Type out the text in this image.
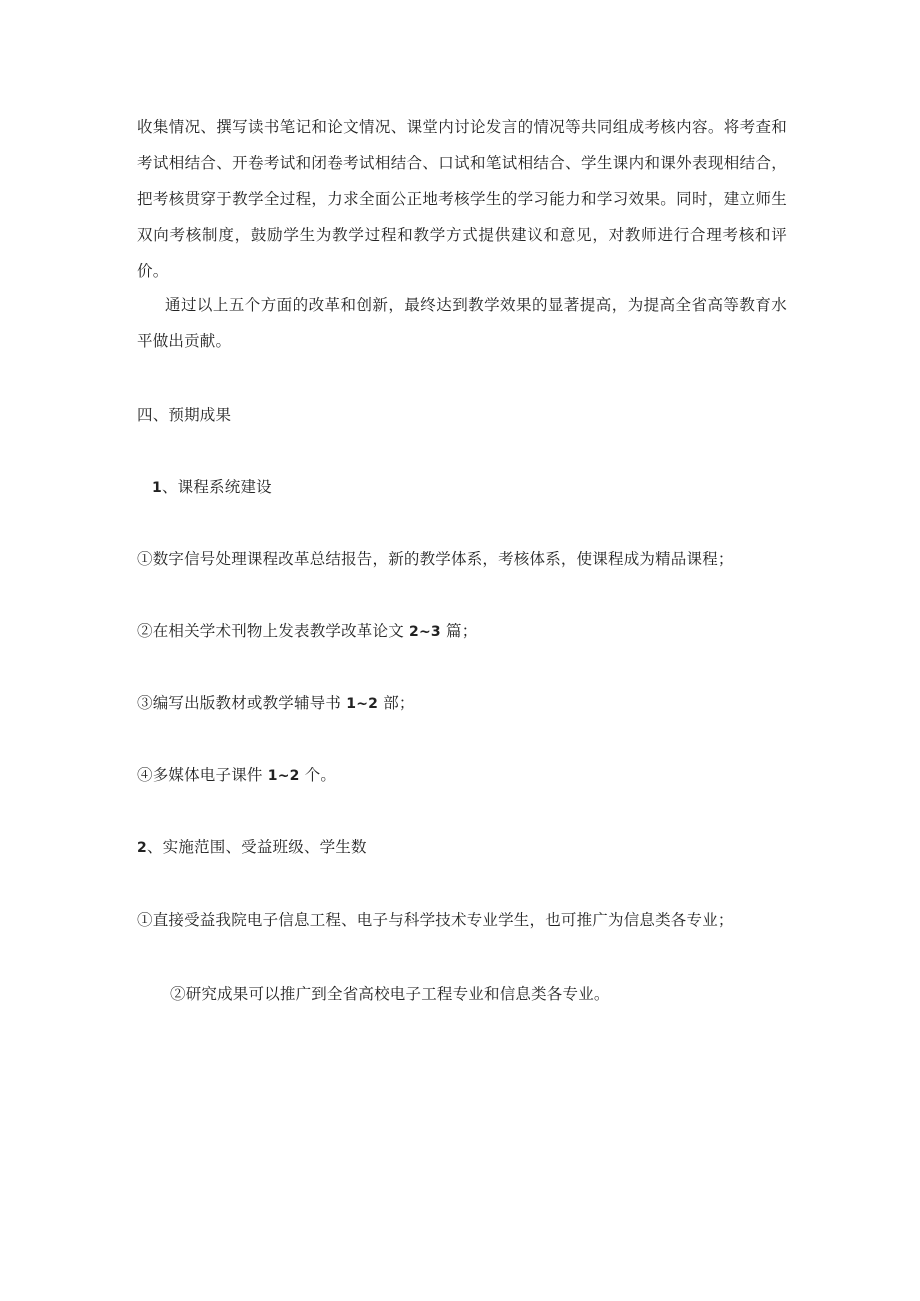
收集情况、撰写读书笔记和论文情况、课堂内讨论发言的情况等共同组成考核内容。将考查和考试相结合、开卷考试和闭卷考试相结合、口试和笔试相结合、学生课内和课外表现相结合，把考核贯穿于教学全过程，力求全面公正地考核学生的学习能力和学习效果。同时，建立师生双向考核制度，鼓励学生为教学过程和教学方式提供建议和意见，对教师进行合理考核和评价。

通过以上五个方面的改革和创新，最终达到教学效果的显著提高，为提高全省高等教育水平做出贡献。

四、预期成果

1、课程系统建设

①数字信号处理课程改革总结报告，新的教学体系，考核体系，使课程成为精品课程；

②在相关学术刊物上发表教学改革论文 2~3 篇；

③编写出版教材或教学辅导书 1~2 部；

④多媒体电子课件 1~2 个。

2、实施范围、受益班级、学生数

①直接受益我院电子信息工程、电子与科学技术专业学生，也可推广为信息类各专业；

②研究成果可以推广到全省高校电子工程专业和信息类各专业。
